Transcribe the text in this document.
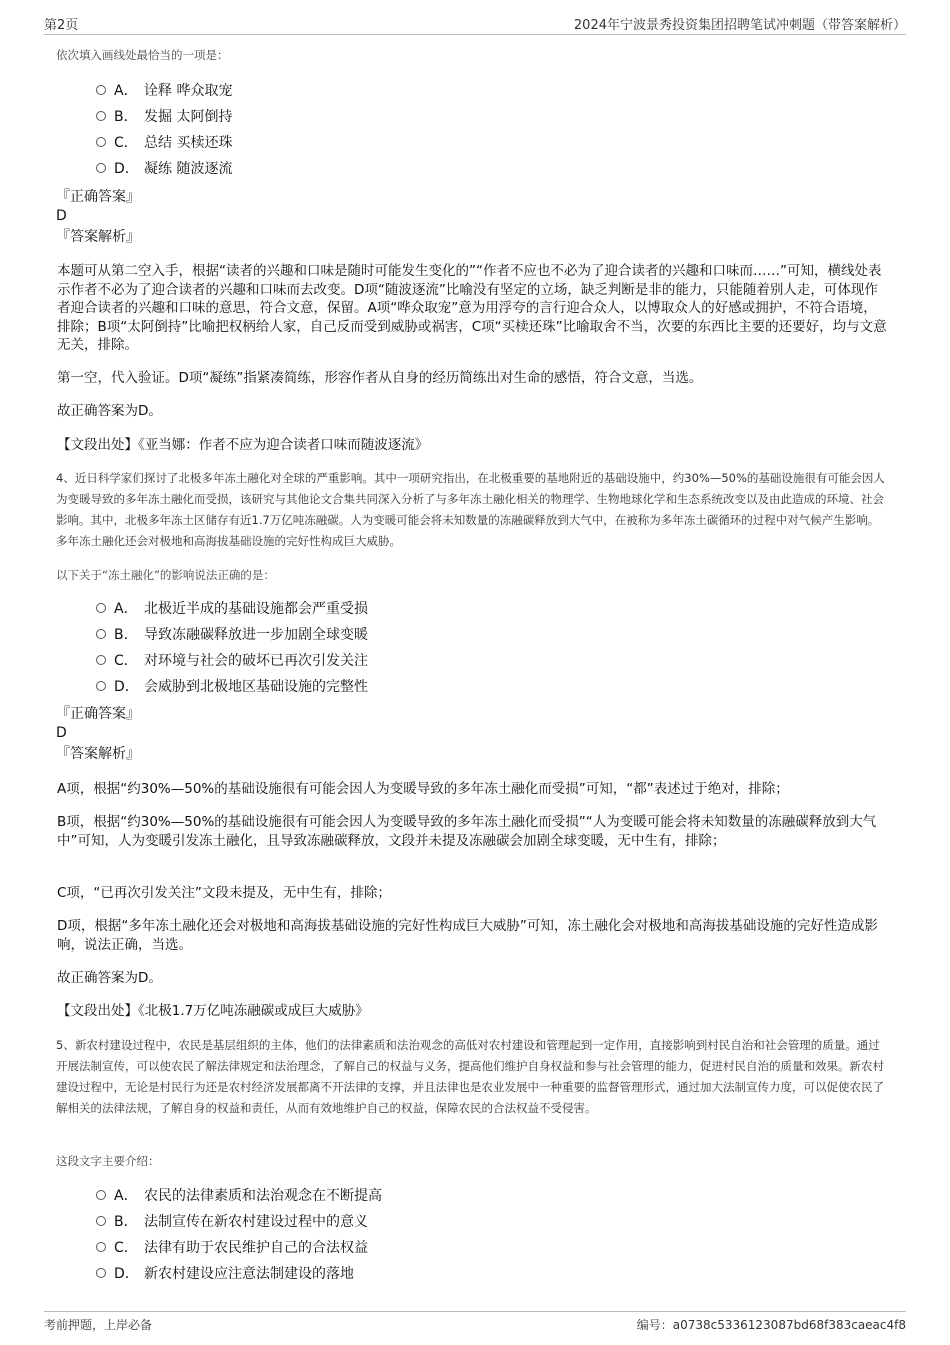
第2页	2024年宁波景秀投资集团招聘笔试冲刺题（带答案解析）
依次填入画线处最恰当的一项是：
A． 诠释 哗众取宠
B． 发掘 太阿倒持
C． 总结 买椟还珠
D． 凝练 随波逐流
『正确答案』
D
『答案解析』
本题可从第二空入手，根据“读者的兴趣和口味是随时可能发生变化的”“作者不应也不必为了迎合读者的兴趣和口味而……”可知，横线处表示作者不必为了迎合读者的兴趣和口味而去改变。D项“随波逐流”比喻没有坚定的立场，缺乏判断是非的能力，只能随着别人走，可体现作者迎合读者的兴趣和口味的意思，符合文意，保留。A项“哗众取宠”意为用浮夸的言行迎合众人，以博取众人的好感或拥护，不符合语境，排除；B项“太阿倒持”比喻把权柄给人家，自己反而受到威胁或祸害，C项“买椟还珠”比喻取舍不当，次要的东西比主要的还要好，均与文意无关，排除。
第一空，代入验证。D项“凝练”指紧凑简练，形容作者从自身的经历简练出对生命的感悟，符合文意，当选。
故正确答案为D。
【文段出处】《亚当娜：作者不应为迎合读者口味而随波逐流》
4、近日科学家们探讨了北极多年冻土融化对全球的严重影响。其中一项研究指出，在北极重要的基地附近的基础设施中，约30%—50%的基础设施很有可能会因人为变暖导致的多年冻土融化而受损，该研究与其他论文合集共同深入分析了与多年冻土融化相关的物理学、生物地球化学和生态系统改变以及由此造成的环境、社会影响。其中，北极多年冻土区储存有近1.7万亿吨冻融碳。人为变暖可能会将未知数量的冻融碳释放到大气中，在被称为多年冻土碳循环的过程中对气候产生影响。多年冻土融化还会对极地和高海拔基础设施的完好性构成巨大威胁。
以下关于“冻土融化”的影响说法正确的是：
A． 北极近半成的基础设施都会严重受损
B． 导致冻融碳释放进一步加剧全球变暖
C． 对环境与社会的破坏已再次引发关注
D． 会威胁到北极地区基础设施的完整性
『正确答案』
D
『答案解析』
A项，根据“约30%—50%的基础设施很有可能会因人为变暖导致的多年冻土融化而受损”可知，“都”表述过于绝对，排除；
B项，根据“约30%—50%的基础设施很有可能会因人为变暖导致的多年冻土融化而受损”“人为变暖可能会将未知数量的冻融碳释放到大气中”可知，人为变暖引发冻土融化，且导致冻融碳释放，文段并未提及冻融碳会加剧全球变暖，无中生有，排除；
C项，“已再次引发关注”文段未提及，无中生有，排除；
D项，根据“多年冻土融化还会对极地和高海拔基础设施的完好性构成巨大威胁”可知，冻土融化会对极地和高海拔基础设施的完好性造成影响，说法正确，当选。
故正确答案为D。
【文段出处】《北极1.7万亿吨冻融碳或成巨大威胁》
5、新农村建设过程中，农民是基层组织的主体，他们的法律素质和法治观念的高低对农村建设和管理起到一定作用，直接影响到村民自治和社会管理的质量。通过开展法制宣传，可以使农民了解法律规定和法治理念，了解自己的权益与义务，提高他们维护自身权益和参与社会管理的能力，促进村民自治的质量和效果。新农村建设过程中，无论是村民行为还是农村经济发展都离不开法律的支撑，并且法律也是农业发展中一种重要的监督管理形式，通过加大法制宣传力度，可以促使农民了解相关的法律法规，了解自身的权益和责任，从而有效地维护自己的权益，保障农民的合法权益不受侵害。
这段文字主要介绍：
A． 农民的法律素质和法治观念在不断提高
B． 法制宣传在新农村建设过程中的意义
C． 法律有助于农民维护自己的合法权益
D． 新农村建设应注意法制建设的落地
考前押题，上岸必备	编号：a0738c5336123087bd68f383caeac4f8
